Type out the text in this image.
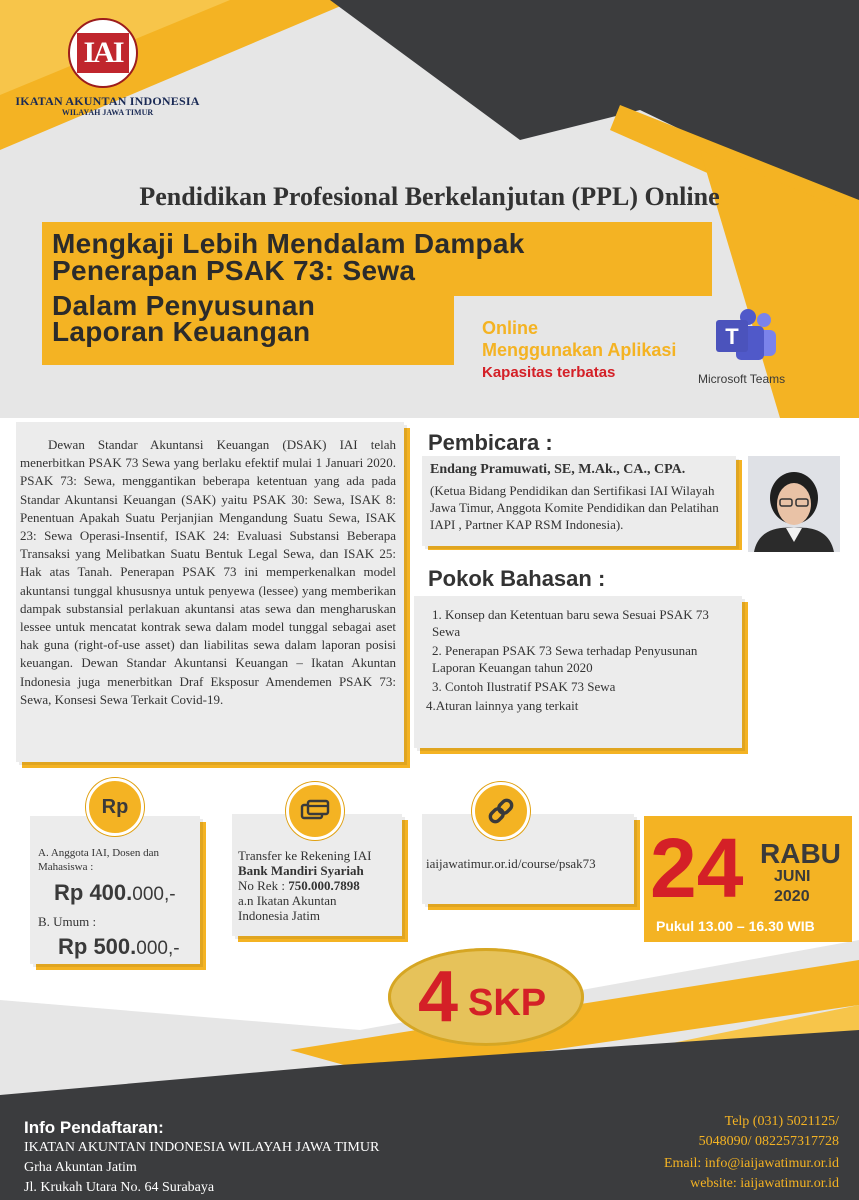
IAI
IKATAN AKUNTAN INDONESIA
WILAYAH JAWA TIMUR
Pendidikan Profesional Berkelanjutan (PPL) Online
Mengkaji Lebih Mendalam Dampak
Penerapan PSAK 73: Sewa
Dalam Penyusunan
Laporan Keuangan	Online
Menggunakan Aplikasi
Kapasitas terbatas
T
Microsoft Teams

Dewan Standar Akuntansi Keuangan (DSAK) IAI telah menerbitkan PSAK 73 Sewa yang berlaku efektif mulai 1 Januari 2020. PSAK 73: Sewa, menggantikan beberapa ketentuan yang ada pada Standar Akuntansi Keuangan (SAK) yaitu PSAK 30: Sewa, ISAK 8: Penentuan Apakah Suatu Perjanjian Mengandung Suatu Sewa, ISAK 23: Sewa Operasi-Insentif, ISAK 24: Evaluasi Substansi Beberapa Transaksi yang Melibatkan Suatu Bentuk Legal Sewa, dan ISAK 25: Hak atas Tanah. Penerapan PSAK 73 ini memperkenalkan model akuntansi tunggal khususnya untuk penyewa (lessee) yang memberikan dampak substansial perlakuan akuntansi atas sewa dan mengharuskan lessee untuk mencatat kontrak sewa dalam model tunggal sebagai aset hak guna (right-of-use asset) dan liabilitas sewa dalam laporan posisi keuangan. Dewan Standar Akuntansi Keuangan – Ikatan Akuntan Indonesia juga menerbitkan Draf Eksposur Amendemen PSAK 73: Sewa, Konsesi Sewa Terkait Covid-19.

Pembicara :
Endang Pramuwati, SE, M.Ak., CA., CPA.
(Ketua Bidang Pendidikan dan Sertifikasi IAI Wilayah Jawa Timur, Anggota Komite Pendidikan dan Pelatihan IAPI , Partner KAP RSM Indonesia).
Pokok Bahasan :
1. Konsep dan Ketentuan baru sewa Sesuai PSAK 73 Sewa
2. Penerapan PSAK 73 Sewa terhadap Penyusunan Laporan Keuangan tahun 2020
3. Contoh Ilustratif PSAK 73 Sewa
4.Aturan lainnya yang terkait
Rp
A. Anggota IAI, Dosen dan Mahasiswa :
Rp 400.000,-
B. Umum :
Rp 500.000,-
Transfer ke Rekening IAI
Bank Mandiri Syariah
No Rek : 750.000.7898
a.n Ikatan Akuntan
Indonesia Jatim
iaijawatimur.or.id/course/psak73 24 RABU
JUNI
2020
Pukul 13.00 – 16.30 WIB
4 SKP
Info Pendaftaran:
IKATAN AKUNTAN INDONESIA WILAYAH JAWA TIMUR
Grha Akuntan Jatim
Jl. Krukah Utara No. 64 Surabaya
Telp (031) 5021125/
5048090/ 082257317728
Email: info@iaijawatimur.or.id
website: iaijawatimur.or.id
